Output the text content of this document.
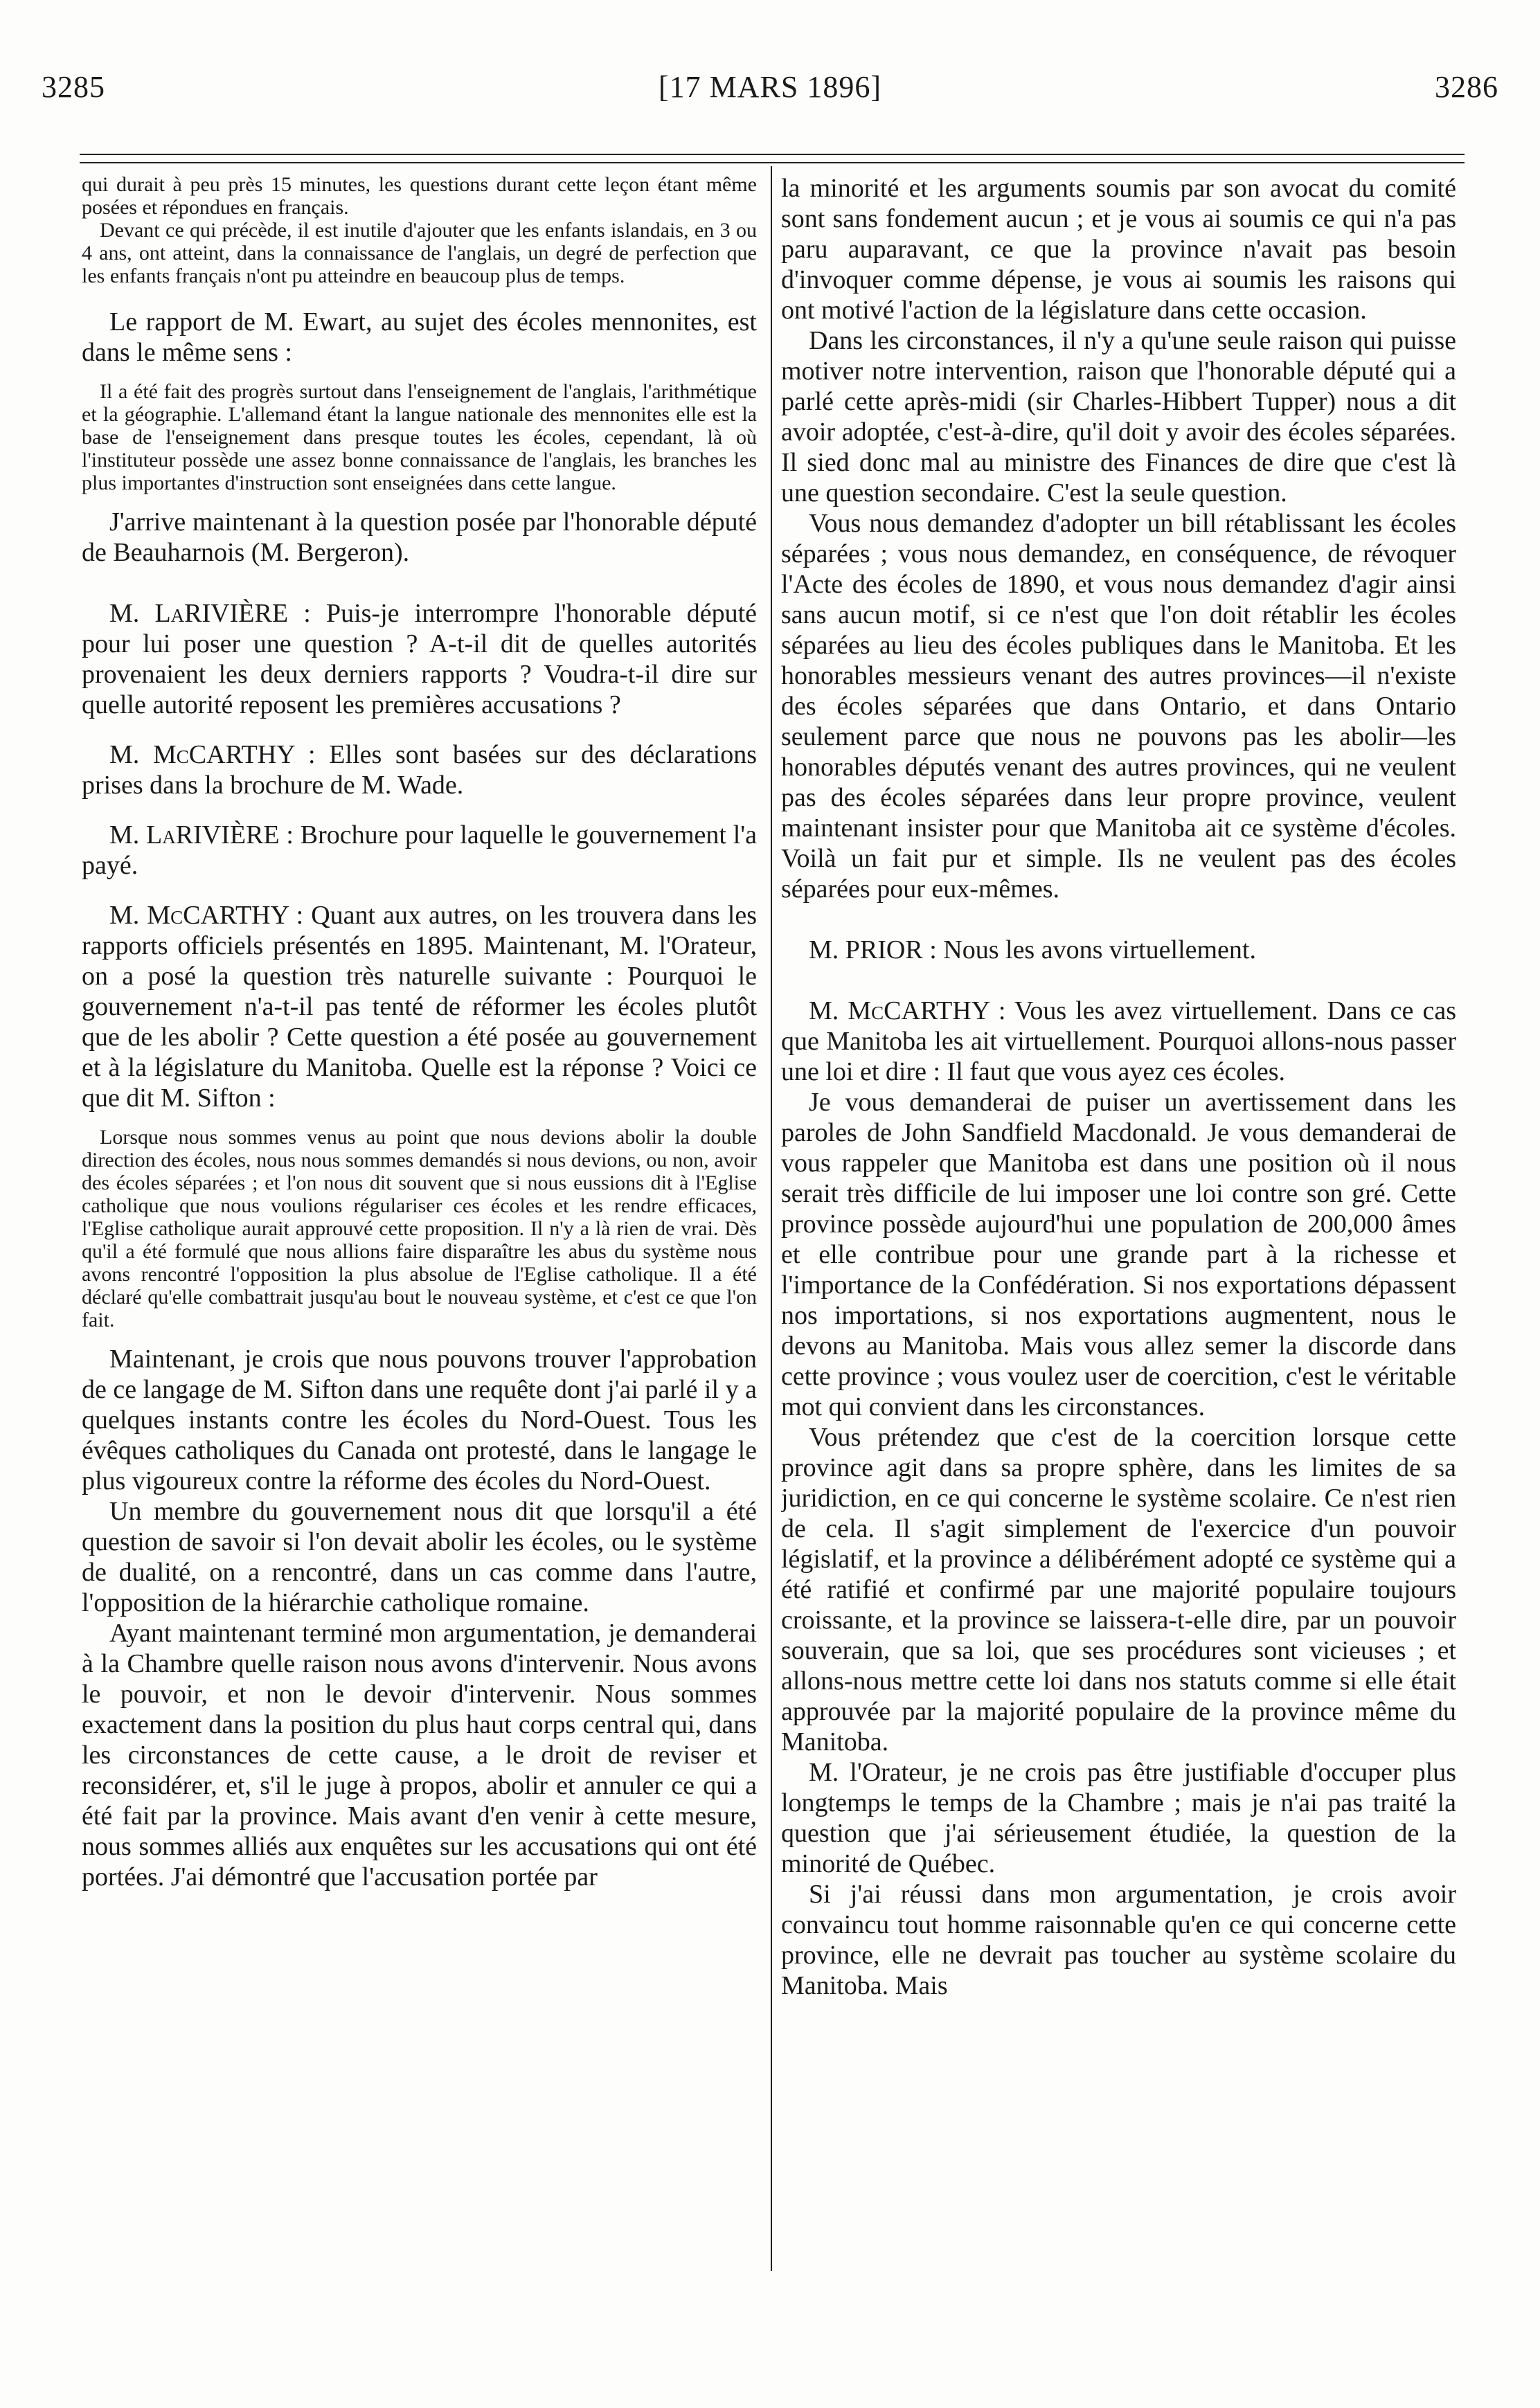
3285	[17 MARS 1896]	3286

qui durait à peu près 15 minutes, les questions durant cette leçon étant même posées et répondues en français.

Devant ce qui précède, il est inutile d'ajouter que les enfants islandais, en 3 ou 4 ans, ont atteint, dans la connaissance de l'anglais, un degré de perfection que les enfants français n'ont pu atteindre en beaucoup plus de temps.

Le rapport de M. Ewart, au sujet des écoles mennonites, est dans le même sens :

Il a été fait des progrès surtout dans l'enseignement de l'anglais, l'arithmétique et la géographie. L'allemand étant la langue nationale des mennonites elle est la base de l'enseignement dans presque toutes les écoles, cependant, là où l'instituteur possède une assez bonne connaissance de l'anglais, les branches les plus importantes d'instruction sont enseignées dans cette langue.

J'arrive maintenant à la question posée par l'honorable député de Beauharnois (M. Bergeron).

M. LaRIVIÈRE : Puis-je interrompre l'honorable député pour lui poser une question ? A-t-il dit de quelles autorités provenaient les deux derniers rapports ? Voudra-t-il dire sur quelle autorité reposent les premières accusations ?

M. McCARTHY : Elles sont basées sur des déclarations prises dans la brochure de M. Wade.

M. LaRIVIÈRE : Brochure pour laquelle le gouvernement l'a payé.

M. McCARTHY : Quant aux autres, on les trouvera dans les rapports officiels présentés en 1895. Maintenant, M. l'Orateur, on a posé la question très naturelle suivante : Pourquoi le gouvernement n'a-t-il pas tenté de réformer les écoles plutôt que de les abolir ? Cette question a été posée au gouvernement et à la législature du Manitoba. Quelle est la réponse ? Voici ce que dit M. Sifton :

Lorsque nous sommes venus au point que nous devions abolir la double direction des écoles, nous nous sommes demandés si nous devions, ou non, avoir des écoles séparées ; et l'on nous dit souvent que si nous eussions dit à l'Eglise catholique que nous voulions régulariser ces écoles et les rendre efficaces, l'Eglise catholique aurait approuvé cette proposition. Il n'y a là rien de vrai. Dès qu'il a été formulé que nous allions faire disparaître les abus du système nous avons rencontré l'opposition la plus absolue de l'Eglise catholique. Il a été déclaré qu'elle combattrait jusqu'au bout le nouveau système, et c'est ce que l'on fait.

Maintenant, je crois que nous pouvons trouver l'approbation de ce langage de M. Sifton dans une requête dont j'ai parlé il y a quelques instants contre les écoles du Nord-Ouest. Tous les évêques catholiques du Canada ont protesté, dans le langage le plus vigoureux contre la réforme des écoles du Nord-Ouest.

Un membre du gouvernement nous dit que lorsqu'il a été question de savoir si l'on devait abolir les écoles, ou le système de dualité, on a rencontré, dans un cas comme dans l'autre, l'opposition de la hiérarchie catholique romaine.

Ayant maintenant terminé mon argumentation, je demanderai à la Chambre quelle raison nous avons d'intervenir. Nous avons le pouvoir, et non le devoir d'intervenir. Nous sommes exactement dans la position du plus haut corps central qui, dans les circonstances de cette cause, a le droit de reviser et reconsidérer, et, s'il le juge à propos, abolir et annuler ce qui a été fait par la province. Mais avant d'en venir à cette mesure, nous sommes alliés aux enquêtes sur les accusations qui ont été portées. J'ai démontré que l'accusation portée par

la minorité et les arguments soumis par son avocat du comité sont sans fondement aucun ; et je vous ai soumis ce qui n'a pas paru auparavant, ce que la province n'avait pas besoin d'invoquer comme dépense, je vous ai soumis les raisons qui ont motivé l'action de la législature dans cette occasion.

Dans les circonstances, il n'y a qu'une seule raison qui puisse motiver notre intervention, raison que l'honorable député qui a parlé cette après-midi (sir Charles-Hibbert Tupper) nous a dit avoir adoptée, c'est-à-dire, qu'il doit y avoir des écoles séparées. Il sied donc mal au ministre des Finances de dire que c'est là une question secondaire. C'est la seule question.

Vous nous demandez d'adopter un bill rétablissant les écoles séparées ; vous nous demandez, en conséquence, de révoquer l'Acte des écoles de 1890, et vous nous demandez d'agir ainsi sans aucun motif, si ce n'est que l'on doit rétablir les écoles séparées au lieu des écoles publiques dans le Manitoba. Et les honorables messieurs venant des autres provinces—il n'existe des écoles séparées que dans Ontario, et dans Ontario seulement parce que nous ne pouvons pas les abolir—les honorables députés venant des autres provinces, qui ne veulent pas des écoles séparées dans leur propre province, veulent maintenant insister pour que Manitoba ait ce système d'écoles. Voilà un fait pur et simple. Ils ne veulent pas des écoles séparées pour eux-mêmes.

M. PRIOR : Nous les avons virtuellement.

M. McCARTHY : Vous les avez virtuellement. Dans ce cas que Manitoba les ait virtuellement. Pourquoi allons-nous passer une loi et dire : Il faut que vous ayez ces écoles.

Je vous demanderai de puiser un avertissement dans les paroles de John Sandfield Macdonald. Je vous demanderai de vous rappeler que Manitoba est dans une position où il nous serait très difficile de lui imposer une loi contre son gré. Cette province possède aujourd'hui une population de 200,000 âmes et elle contribue pour une grande part à la richesse et l'importance de la Confédération. Si nos exportations dépassent nos importations, si nos exportations augmentent, nous le devons au Manitoba. Mais vous allez semer la discorde dans cette province ; vous voulez user de coercition, c'est le véritable mot qui convient dans les circonstances.

Vous prétendez que c'est de la coercition lorsque cette province agit dans sa propre sphère, dans les limites de sa juridiction, en ce qui concerne le système scolaire. Ce n'est rien de cela. Il s'agit simplement de l'exercice d'un pouvoir législatif, et la province a délibérément adopté ce système qui a été ratifié et confirmé par une majorité populaire toujours croissante, et la province se laissera-t-elle dire, par un pouvoir souverain, que sa loi, que ses procédures sont vicieuses ; et allons-nous mettre cette loi dans nos statuts comme si elle était approuvée par la majorité populaire de la province même du Manitoba.

M. l'Orateur, je ne crois pas être justifiable d'occuper plus longtemps le temps de la Chambre ; mais je n'ai pas traité la question que j'ai sérieusement étudiée, la question de la minorité de Québec.

Si j'ai réussi dans mon argumentation, je crois avoir convaincu tout homme raisonnable qu'en ce qui concerne cette province, elle ne devrait pas toucher au système scolaire du Manitoba. Mais
